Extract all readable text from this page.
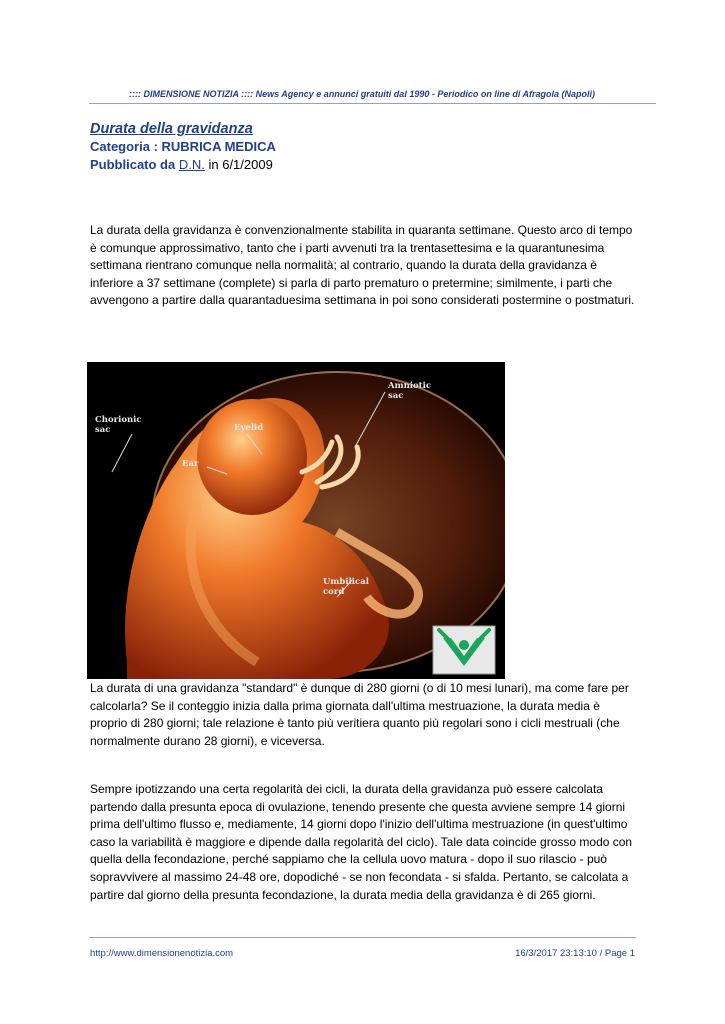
:::: DIMENSIONE NOTIZIA :::: News Agency e annunci gratuiti dal 1990 - Periodico on line di Afragola (Napoli)
Durata della gravidanza
Categoria : RUBRICA MEDICA
Pubblicato da D.N. in 6/1/2009

La durata della gravidanza è convenzionalmente stabilita in quaranta settimane. Questo arco di tempo è comunque approssimativo, tanto che i parti avvenuti tra la trentasettesima e la quarantunesima settimana rientrano comunque nella normalità; al contrario, quando la durata della gravidanza è inferiore a 37 settimane (complete) si parla di parto prematuro o pretermine; similmente, i parti che avvengono a partire dalla quarantaduesima settimana in poi sono considerati postermine o postmaturi.

Chorionic
sac
Amniotic
sac
Eyelid
Ear
Umbilical
cord

La durata di una gravidanza "standard" è dunque di 280 giorni (o di 10 mesi lunari), ma come fare per calcolarla? Se il conteggio inizia dalla prima giornata dall'ultima mestruazione, la durata media è proprio di 280 giorni; tale relazione è tanto più veritiera quanto più regolari sono i cicli mestruali (che normalmente durano 28 giorni), e viceversa.

Sempre ipotizzando una certa regolarità dei cicli, la durata della gravidanza può essere calcolata partendo dalla presunta epoca di ovulazione, tenendo presente che questa avviene sempre 14 giorni prima dell'ultimo flusso e, mediamente, 14 giorni dopo l'inizio dell'ultima mestruazione (in quest'ultimo caso la variabilità è maggiore e dipende dalla regolarità del ciclo). Tale data coincide grosso modo con quella della fecondazione, perché sappiamo che la cellula uovo matura - dopo il suo rilascio - può sopravvivere al massimo 24-48 ore, dopodiché - se non fecondata - si sfalda. Pertanto, se calcolata a partire dal giorno della presunta fecondazione, la durata media della gravidanza è di 265 giorni.

http://www.dimensionenotizia.com	16/3/2017 23:13:10 / Page 1
